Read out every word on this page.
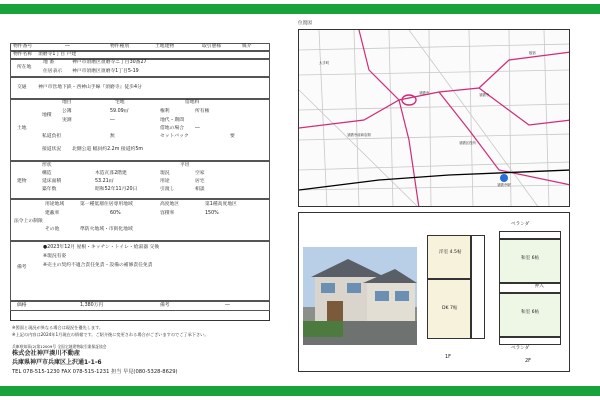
物件番号	―	物件種別	土地建物	取引態様	媒介
物件名称 須磨寺1丁目 戸建
所在地
地 番	神戸市須磨区須磨寺ニ丁目30番27
住居表示 神戸市須磨区須磨寺1丁目5-19
交通 神戸市営地下鉄・西神山手線『須磨寺』徒歩4分
土地
地目	宅地	借地料
地積
公簿	59.09㎡	権利	所有権
実測	―	地代・期間
借地の場合 ―
私道負担	無	セットバック	要
接道状況 北側公道 幅員約2.2m 接道約5m
建物
形状	平坦
構造	木造瓦葺2階建	現況	空家
延床面積	53.21㎡	用途	居宅
築年数	昭和52年11月20日	引渡し	相談
法令上の制限
用途地域	第一種低層住居専用地域	高度地区	第1種高度地区
建蔽率	60%	容積率	150%
その他	準防火地域・市街化地域
備考
●2023年12月 屋根・キッチン・トイレ・給湯器 交換
※現況有姿
※売主の契約不適合責任免責・設備の補修責任免責
価格	1,380万円	備考	―
※図面と現況が異なる場合は現況を優先します。
※上記の内容は2024年1月現在の情報です。ご紹介後に変更される場合がございますのでご了承下さい。
兵庫県知事(2)第12009号 全国宅地建物取引業保証協会
株式会社神戸湊川不動産
兵庫県神戸市兵庫区上沢通1-1-6
TEL 078-515-1230 FAX 078-515-1231 担当 早見(080-5328-8629)
位置図
須磨寺
須磨寺前商店街
須磨寺
須磨寺駅
須磨区役所
板宿
大手町
洋室 4.5帖
DK 7帖
1F
ベランダ
和室 6帖
押入
和室 6帖
ベランダ
2F
